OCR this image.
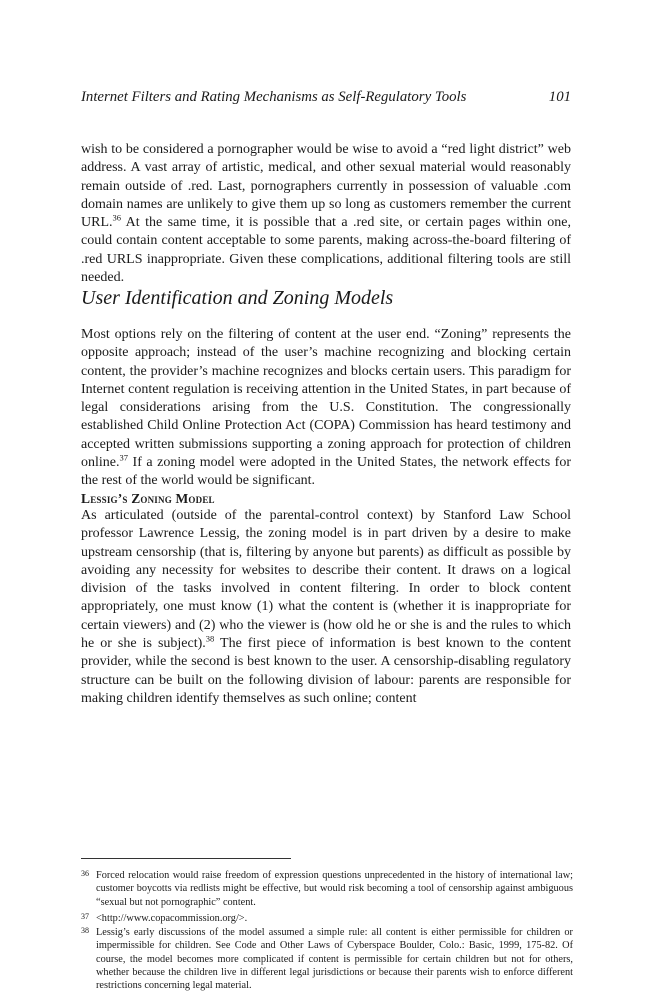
Internet Filters and Rating Mechanisms as Self-Regulatory Tools	101

wish to be considered a pornographer would be wise to avoid a “red light district” web address. A vast array of artistic, medical, and other sexual material would reasonably remain outside of .red. Last, pornographers currently in possession of valuable .com domain names are unlikely to give them up so long as customers remember the current URL.$^{36}$ At the same time, it is possible that a .red site, or certain pages within one, could contain content acceptable to some parents, making across-the-board filtering of .red URLS inappropriate. Given these complications, additional filtering tools are still needed.

User Identification and Zoning Models

Most options rely on the filtering of content at the user end. “Zoning” represents the opposite approach; instead of the user’s machine recognizing and blocking certain content, the provider’s machine recognizes and blocks certain users. This paradigm for Internet content regulation is receiving attention in the United States, in part because of legal considerations arising from the U.S. Constitution. The congressionally established Child Online Protection Act (COPA) Commission has heard testimony and accepted written submissions supporting a zoning approach for protection of children online.$^{37}$ If a zoning model were adopted in the United States, the network effects for the rest of the world would be significant.

Lessig’s Zoning Model

As articulated (outside of the parental-control context) by Stanford Law School professor Lawrence Lessig, the zoning model is in part driven by a desire to make upstream censorship (that is, filtering by anyone but parents) as difficult as possible by avoiding any necessity for websites to describe their content. It draws on a logical division of the tasks involved in content filtering. In order to block content appropriately, one must know (1) what the content is (whether it is inappropriate for certain viewers) and (2) who the viewer is (how old he or she is and the rules to which he or she is subject).$^{38}$ The first piece of information is best known to the content provider, while the second is best known to the user. A censorship-disabling regulatory structure can be built on the following division of labour: parents are responsible for making children identify themselves as such online; content

36 Forced relocation would raise freedom of expression questions unprecedented in the history of international law; customer boycotts via redlists might be effective, but would risk becoming a tool of censorship against ambiguous “sexual but not pornographic” content.
37 <http://www.copacommission.org/>.
38 Lessig’s early discussions of the model assumed a simple rule: all content is either permissible for children or impermissible for children. See Code and Other Laws of Cyberspace Boulder, Colo.: Basic, 1999, 175-82. Of course, the model becomes more complicated if content is permissible for certain children but not for others, whether because the children live in different legal jurisdictions or because their parents wish to enforce different restrictions concerning legal material.
